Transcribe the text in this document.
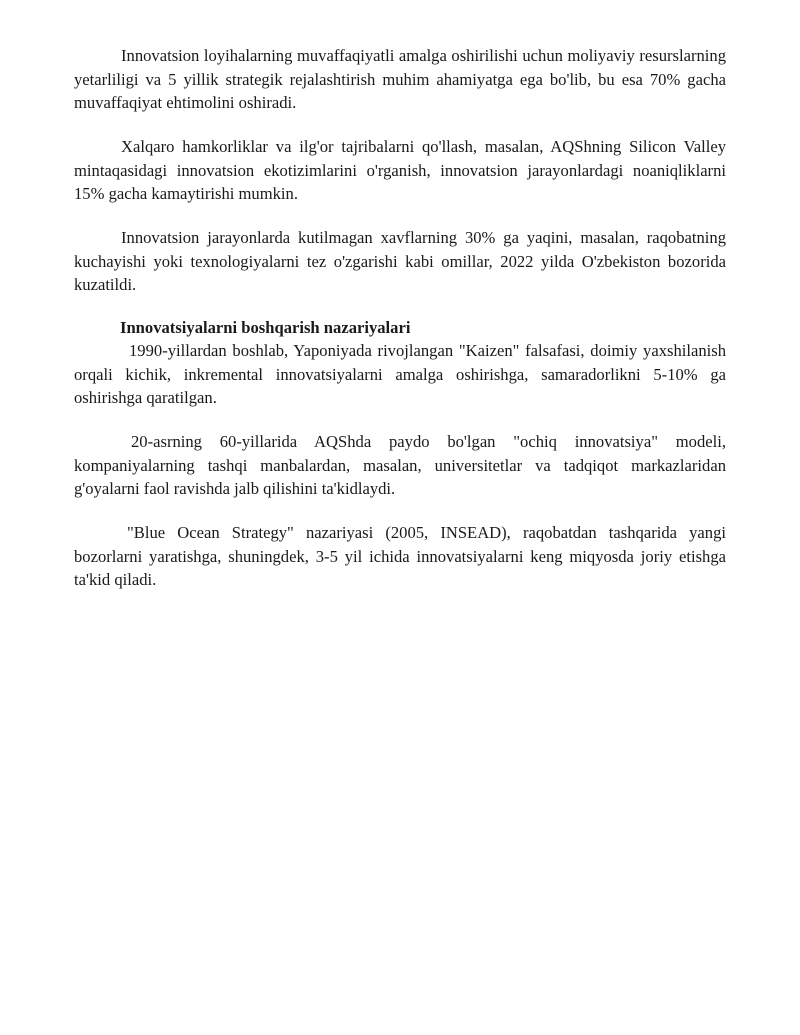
Innovatsion loyihalarning muvaffaqiyatli amalga oshirilishi uchun moliyaviy resurslarning yetarliligi va 5 yillik strategik rejalashtirish muhim ahamiyatga ega bo'lib, bu esa 70% gacha muvaffaqiyat ehtimolini oshiradi.

Xalqaro hamkorliklar va ilg'or tajribalarni qo'llash, masalan, AQShning Silicon Valley mintaqasidagi innovatsion ekotizimlarini o'rganish, innovatsion jarayonlardagi noaniqliklarni 15% gacha kamaytirishi mumkin.

Innovatsion jarayonlarda kutilmagan xavflarning 30% ga yaqini, masalan, raqobatning kuchayishi yoki texnologiyalarni tez o'zgarishi kabi omillar, 2022 yilda O'zbekiston bozorida kuzatildi.

Innovatsiyalarni boshqarish nazariyalari

1990-yillardan boshlab, Yaponiyada rivojlangan "Kaizen" falsafasi, doimiy yaxshilanish orqali kichik, inkremental innovatsiyalarni amalga oshirishga, samaradorlikni 5-10% ga oshirishga qaratilgan.

20-asrning 60-yillarida AQShda paydo bo'lgan "ochiq innovatsiya" modeli, kompaniyalarning tashqi manbalardan, masalan, universitetlar va tadqiqot markazlaridan g'oyalarni faol ravishda jalb qilishini ta'kidlaydi.

"Blue Ocean Strategy" nazariyasi (2005, INSEAD), raqobatdan tashqarida yangi bozorlarni yaratishga, shuningdek, 3-5 yil ichida innovatsiyalarni keng miqyosda joriy etishga ta'kid qiladi.
